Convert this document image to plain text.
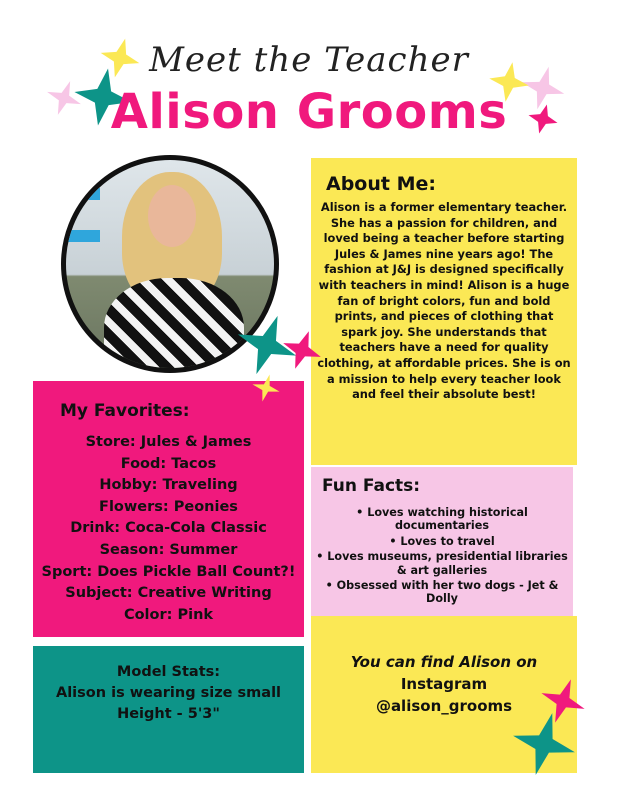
Meet the Teacher
Alison Grooms
About Me:
Alison is a former elementary teacher. She has a passion for children, and loved being a teacher before starting Jules & James nine years ago! The fashion at J&J is designed specifically with teachers in mind! Alison is a huge fan of bright colors, fun and bold prints, and pieces of clothing that spark joy. She understands that teachers have a need for quality clothing, at affordable prices. She is on a mission to help every teacher look and feel their absolute best!
My Favorites:
Store: Jules & James
Food: Tacos
Hobby: Traveling
Flowers: Peonies
Drink: Coca-Cola Classic
Season: Summer
Sport: Does Pickle Ball Count?!
Subject: Creative Writing
Color: Pink
Fun Facts:
• Loves watching historical documentaries
• Loves to travel
• Loves museums, presidential libraries & art galleries
• Obsessed with her two dogs - Jet & Dolly
Model Stats:
Alison is wearing size small
Height - 5'3"
You can find Alison on
Instagram
@alison_grooms
